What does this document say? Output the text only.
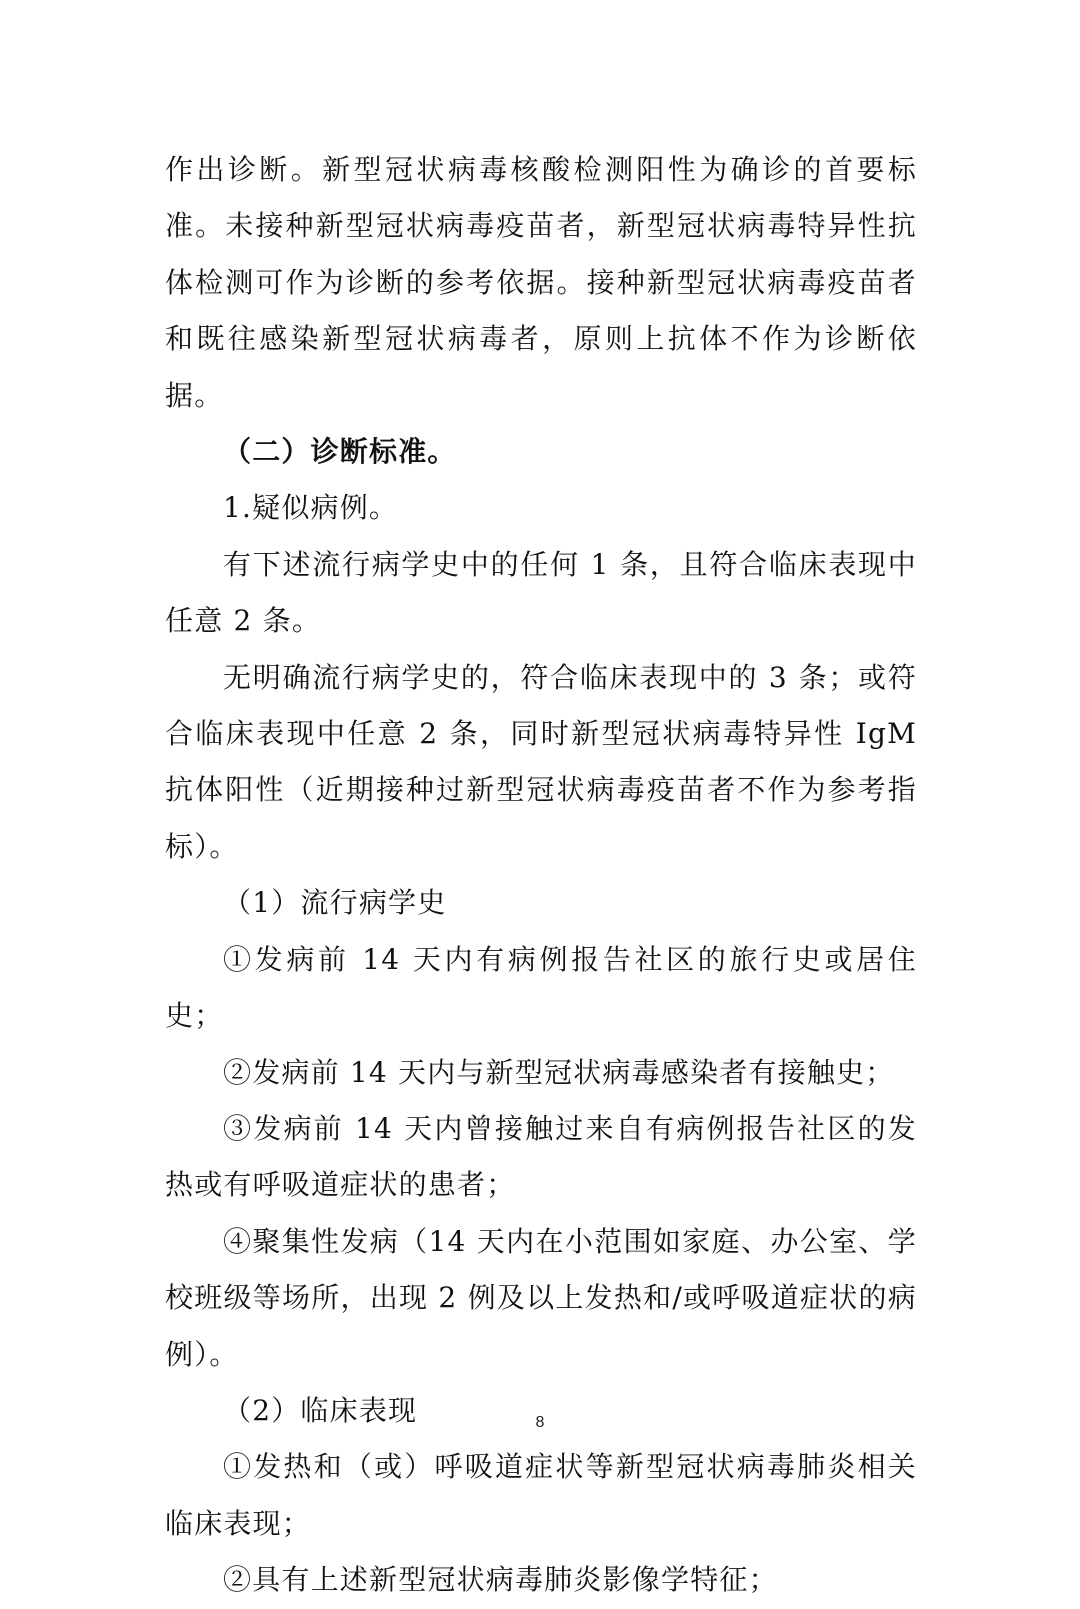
作出诊断。新型冠状病毒核酸检测阳性为确诊的首要标准。未接种新型冠状病毒疫苗者，新型冠状病毒特异性抗体检测可作为诊断的参考依据。接种新型冠状病毒疫苗者和既往感染新型冠状病毒者，原则上抗体不作为诊断依据。

（二）诊断标准。

1.疑似病例。

有下述流行病学史中的任何 1 条，且符合临床表现中任意 2 条。

无明确流行病学史的，符合临床表现中的 3 条；或符合临床表现中任意 2 条，同时新型冠状病毒特异性 IgM 抗体阳性（近期接种过新型冠状病毒疫苗者不作为参考指标）。

（1）流行病学史

①发病前 14 天内有病例报告社区的旅行史或居住史；

②发病前 14 天内与新型冠状病毒感染者有接触史；

③发病前 14 天内曾接触过来自有病例报告社区的发热或有呼吸道症状的患者；

④聚集性发病（14 天内在小范围如家庭、办公室、学校班级等场所，出现 2 例及以上发热和/或呼吸道症状的病例）。

（2）临床表现

①发热和（或）呼吸道症状等新型冠状病毒肺炎相关临床表现；

②具有上述新型冠状病毒肺炎影像学特征；

8
